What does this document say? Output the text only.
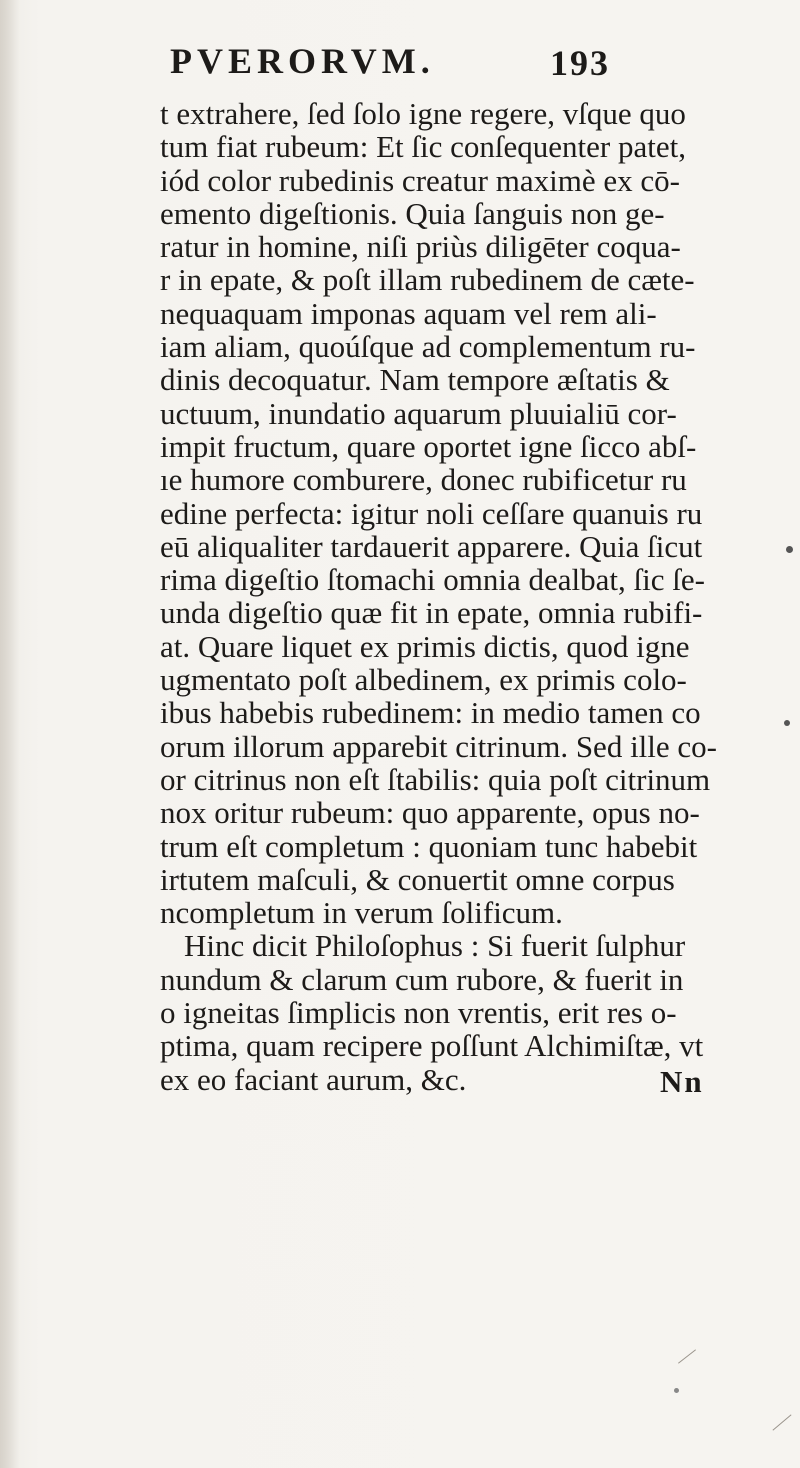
PVERORVM.	193
t extrahere, ſed ſolo igne regere, vſque quo
tum fiat rubeum: Et ſic conſequenter patet,
iód color rubedinis creatur maximè ex cō-
emento digeſtionis. Quia ſanguis non ge-
ratur in homine, niſi priùs diligēter coqua-
r in epate, & poſt illam rubedinem de cæte-
nequaquam imponas aquam vel rem ali-
iam aliam, quoúſque ad complementum ru-
dinis decoquatur. Nam tempore æſtatis &
uctuum, inundatio aquarum pluuialiū cor-
impit fructum, quare oportet igne ſicco abſ-
ıe humore comburere, donec rubificetur ru
edine perfecta: igitur noli ceſſare quanuis ru
eū aliqualiter tardauerit apparere. Quia ſicut
rima digeſtio ſtomachi omnia dealbat, ſic ſe-
unda digeſtio quæ fit in epate, omnia rubifi-
at. Quare liquet ex primis dictis, quod igne
ugmentato poſt albedinem, ex primis colo-
ibus habebis rubedinem: in medio tamen co
orum illorum apparebit citrinum. Sed ille co-
or citrinus non eſt ſtabilis: quia poſt citrinum
nox oritur rubeum: quo apparente, opus no-
trum eſt completum : quoniam tunc habebit
irtutem maſculi, & conuertit omne corpus
ncompletum in verum ſolificum.
Hinc dicit Philoſophus : Si fuerit ſulphur
nundum & clarum cum rubore, & fuerit in
o igneitas ſimplicis non vrentis, erit res o-
ptima, quam recipere poſſunt Alchimiſtæ, vt
ex eo faciant aurum, &c.	Nn
